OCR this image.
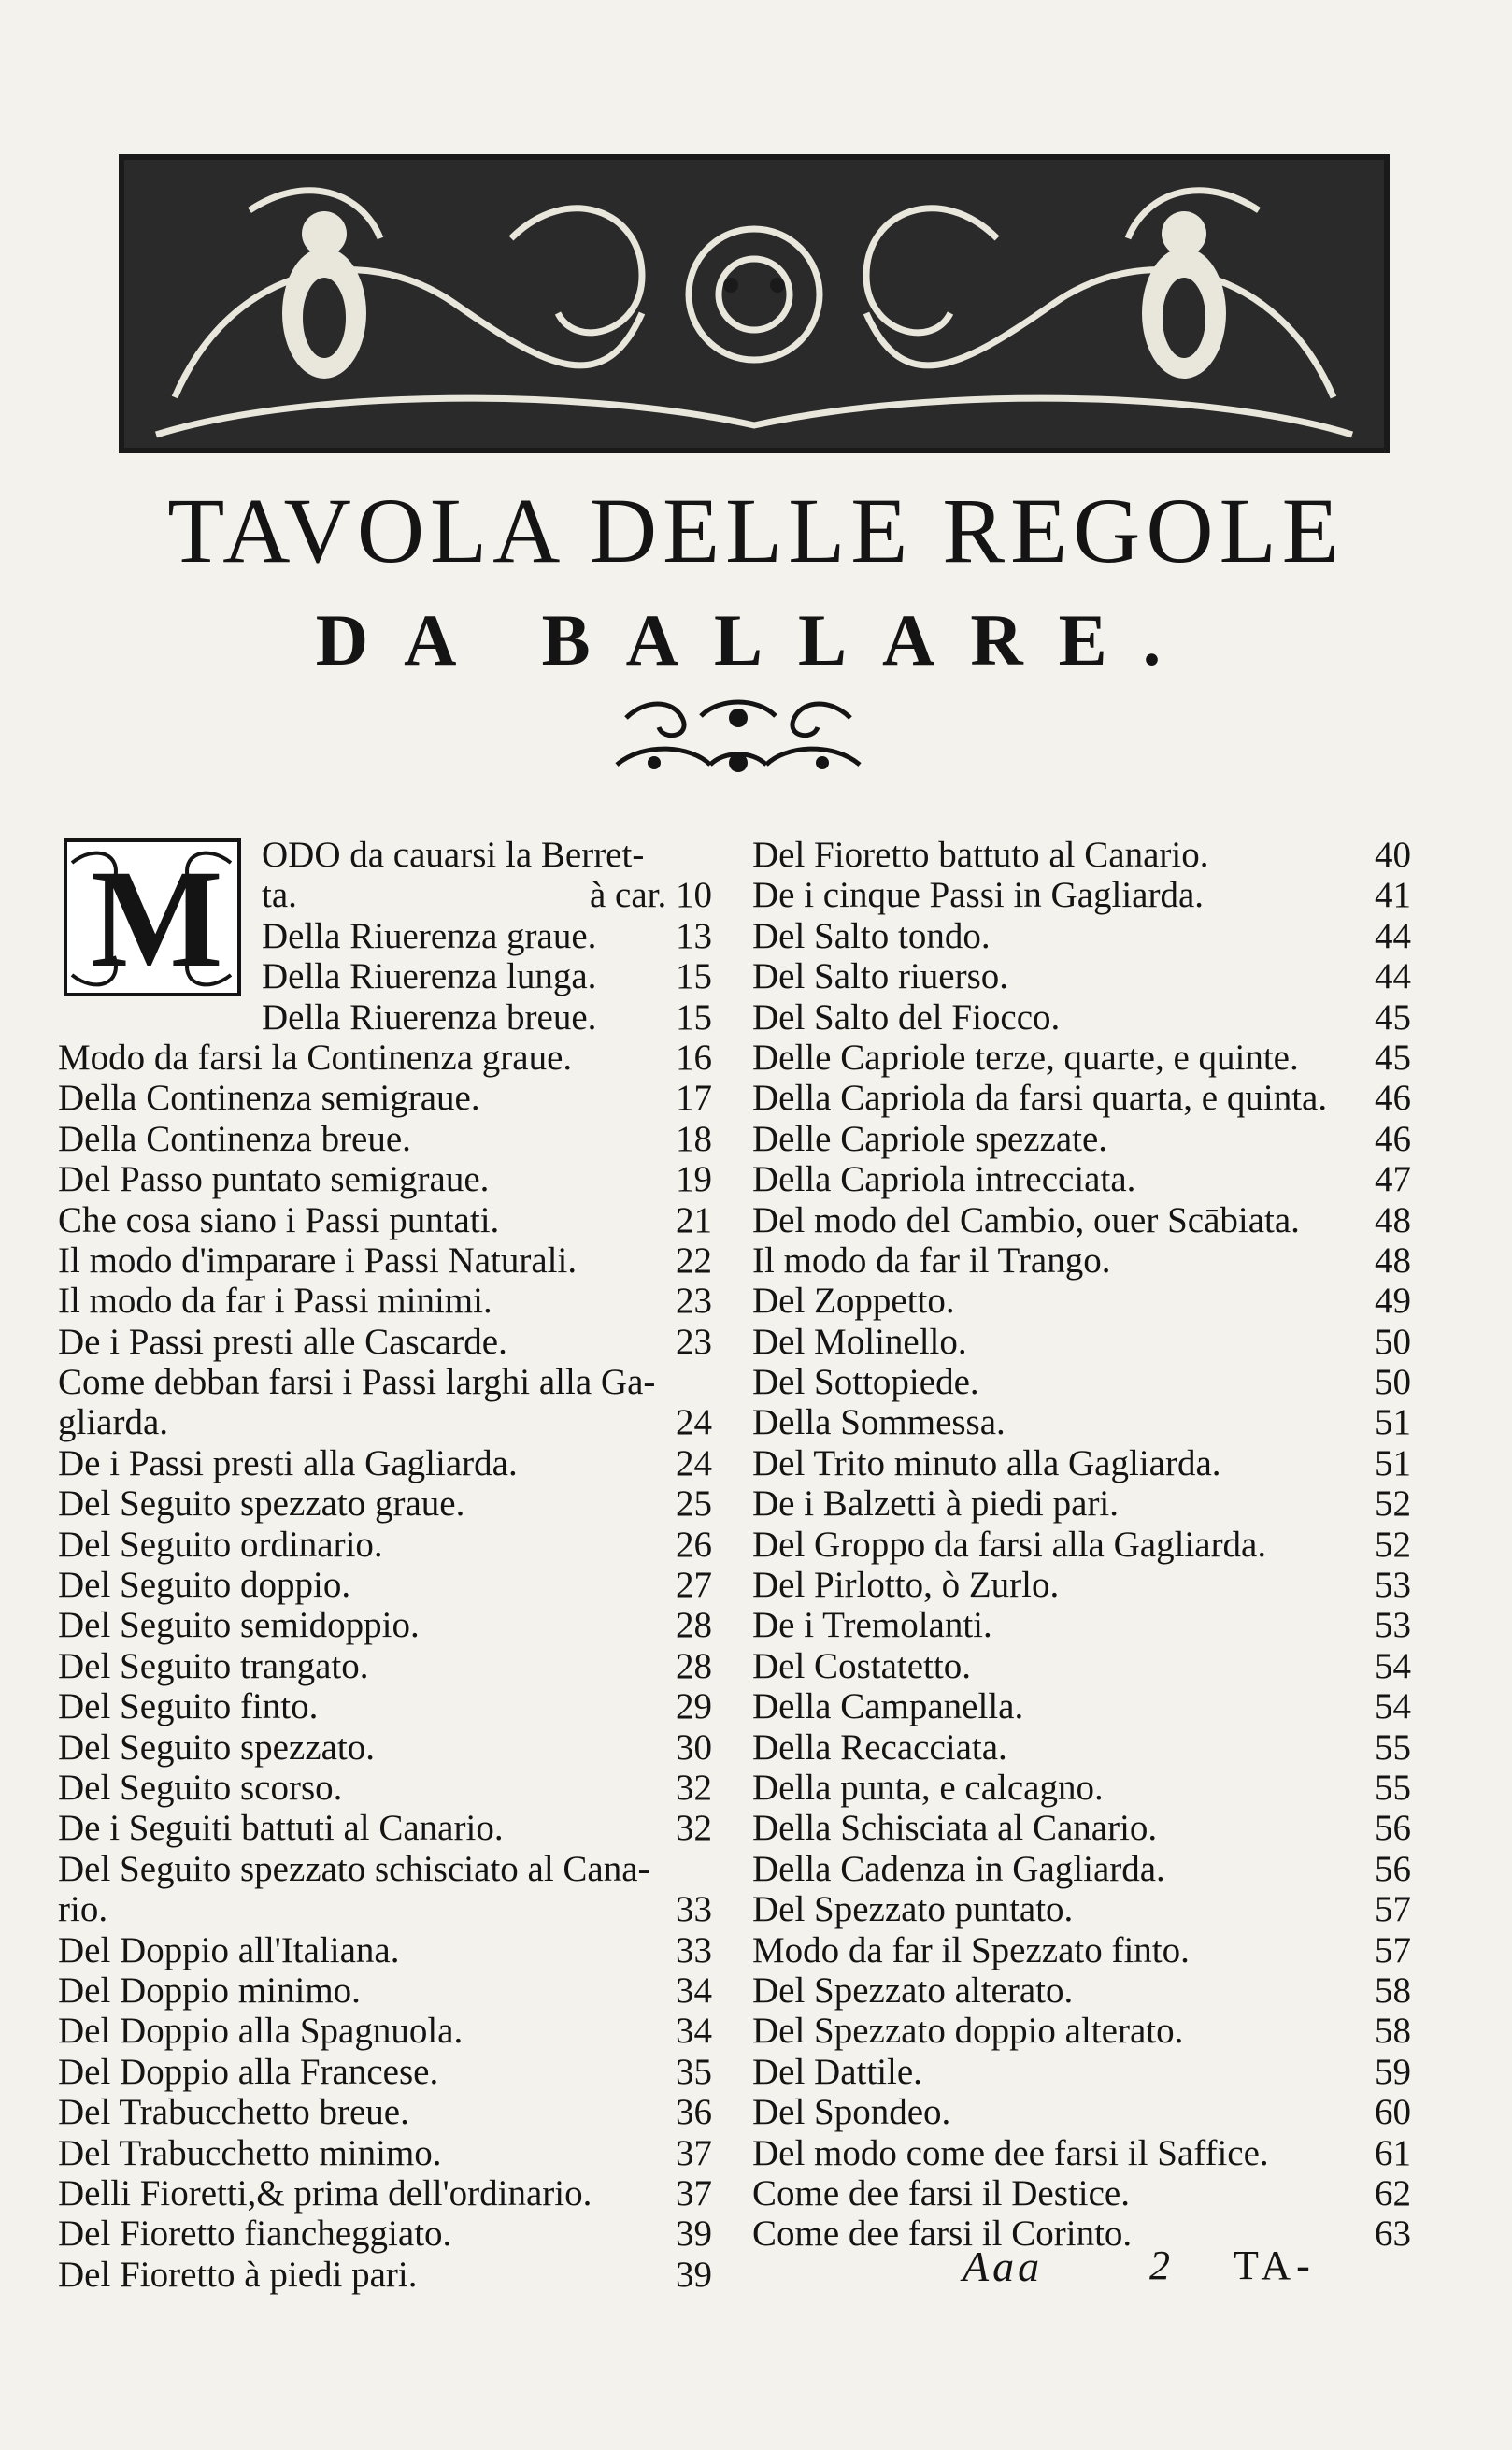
TAVOLA DELLE REGOLE
DA BALLARE.
M ODO da cauarsi la Berret-
ta.	à car. 10
Della Riuerenza graue. 13
Della Riuerenza lunga. 15
Della Riuerenza breue. 15
Modo da farsi la Continenza graue.	16
Della Continenza semigraue.	17
Della Continenza breue.	18
Del Passo puntato semigraue.	19
Che cosa siano i Passi puntati.	21
Il modo d'imparare i Passi Naturali.	22
Il modo da far i Passi minimi.	23
De i Passi presti alle Cascarde.	23
Come debban farsi i Passi larghi alla Ga-
gliarda.	24
De i Passi presti alla Gagliarda.	24
Del Seguito spezzato graue.	25
Del Seguito ordinario.	26
Del Seguito doppio.	27
Del Seguito semidoppio.	28
Del Seguito trangato.	28
Del Seguito finto.	29
Del Seguito spezzato.	30
Del Seguito scorso.	32
De i Seguiti battuti al Canario.	32
Del Seguito spezzato schisciato al Cana-
rio.	33
Del Doppio all'Italiana.	33
Del Doppio minimo.	34
Del Doppio alla Spagnuola.	34
Del Doppio alla Francese.	35
Del Trabucchetto breue.	36
Del Trabucchetto minimo.	37
Delli Fioretti,& prima dell'ordinario. 37
Del Fioretto fiancheggiato.	39
Del Fioretto à piedi pari.	39
Del Fioretto battuto al Canario.	40
De i cinque Passi in Gagliarda.	41
Del Salto tondo.	44
Del Salto riuerso.	44
Del Salto del Fiocco.	45
Delle Capriole terze, quarte, e quinte. 45
Della Capriola da farsi quarta, e quinta. 46
Delle Capriole spezzate.	46
Della Capriola intrecciata.	47
Del modo del Cambio, ouer Scābiata. 48
Il modo da far il Trango.	48
Del Zoppetto.	49
Del Molinello.	50
Del Sottopiede.	50
Della Sommessa.	51
Del Trito minuto alla Gagliarda.	51
De i Balzetti à piedi pari.	52
Del Groppo da farsi alla Gagliarda.	52
Del Pirlotto, ò Zurlo.	53
De i Tremolanti.	53
Del Costatetto.	54
Della Campanella.	54
Della Recacciata.	55
Della punta, e calcagno.	55
Della Schisciata al Canario.	56
Della Cadenza in Gagliarda.	56
Del Spezzato puntato.	57
Modo da far il Spezzato finto.	57
Del Spezzato alterato.	58
Del Spezzato doppio alterato.	58
Del Dattile.	59
Del Spondeo.	60
Del modo come dee farsi il Saffice.	61
Come dee farsi il Destice.	62
Come dee farsi il Corinto.	63
Aaa	2 TA-
